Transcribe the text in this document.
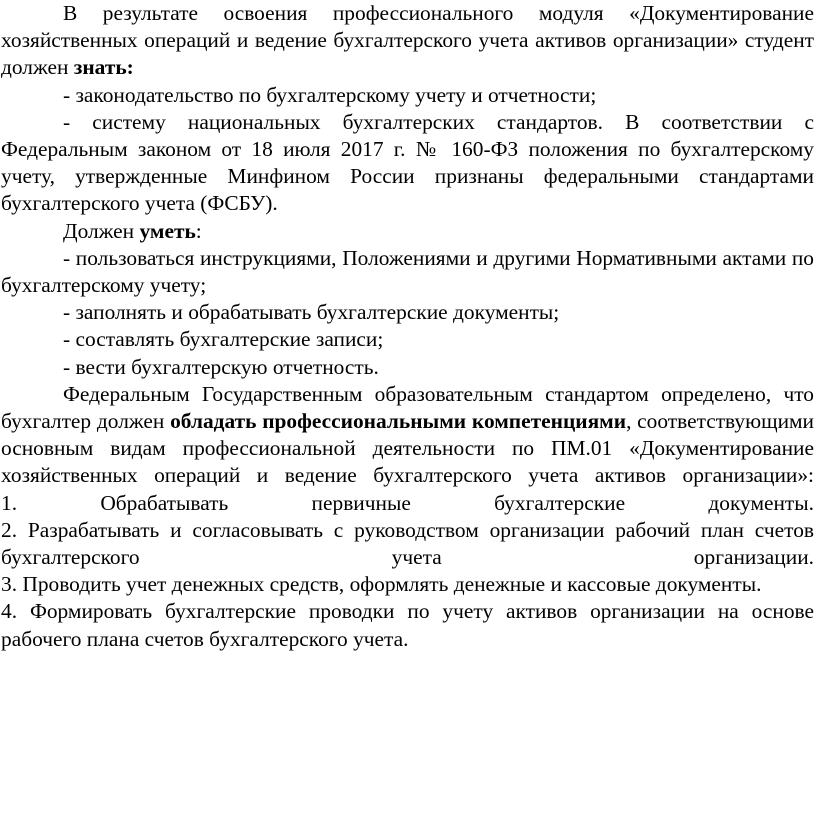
В результате освоения профессионального модуля «Документирование хозяйственных операций и ведение бухгалтерского учета активов организации» студент должен знать:

- законодательство по бухгалтерскому учету и отчетности;

- систему национальных бухгалтерских стандартов. В соответствии с Федеральным законом от 18 июля 2017 г. № 160-ФЗ положения по бухгалтерскому учету, утвержденные Минфином России признаны федеральными стандартами бухгалтерского учета (ФСБУ).

Должен уметь:

- пользоваться инструкциями, Положениями и другими Нормативными актами по бухгалтерскому учету;

- заполнять и обрабатывать бухгалтерские документы;

- составлять бухгалтерские записи;

- вести бухгалтерскую отчетность.

Федеральным Государственным образовательным стандартом определено, что бухгалтер должен обладать профессиональными компетенциями, соответствующими основным видам профессиональной деятельности по ПМ.01 «Документирование хозяйственных операций и ведение бухгалтерского учета активов организации»:

1. Обрабатывать первичные бухгалтерские документы.

2. Разрабатывать и согласовывать с руководством организации рабочий план счетов бухгалтерского учета организации.

3. Проводить учет денежных средств, оформлять денежные и кассовые документы.

4. Формировать бухгалтерские проводки по учету активов организации на основе рабочего плана счетов бухгалтерского учета.
